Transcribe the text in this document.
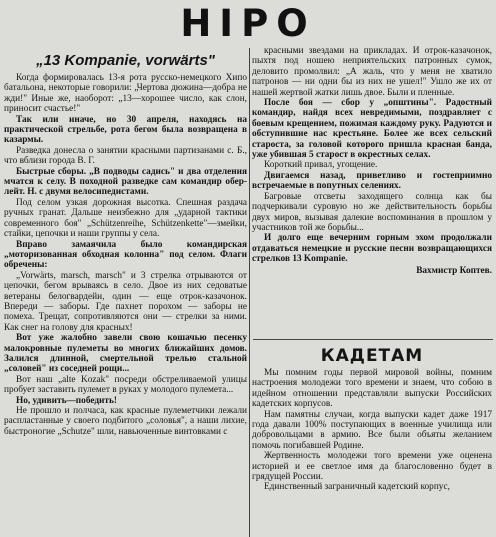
НІРО
„13 Kompanie, vorwärts"

Когда формировалась 13-я рота русско-немецкого Хипо батальона, некоторые говорили: „Чертова дюжина—добра не жди!" Иные же, наоборот: „13—хорошее число, как слон, приносит счастье!"

Так или иначе, но 30 апреля, находясь на практической стрельбе, рота бегом была возвращена в казармы.

Разведка донесла о занятии красными партизанами с. Б., что вблизи города В. Г.

Быстрые сборы. „В подводы садись" и два отделения мчатся к селу. В походной разведке сам командир обер-лейт. Н. с двумя велосипедистами.

Под селом узкая дорожная высотка. Спешная раздача ручных гранат. Дальше неизбежно для „ударной тактики современного боя" „Schützenreihe, Schützenkette"—змейки, стайки, цепочки и наши группы у села.

Вправо замаячила было командирская „моторизованная обходная колонна" под селом. Флаги обречены:

„Vorwärts, marsch, marsch" и 3 стрелка отрываются от цепочки, бегом врываясь в село. Двое из них седоватые ветераны белогвардейи, один — еще отрок-казачонок. Впереди — заборы. Где пахнет порохом — заборы не помеха. Трещат, сопротивляются они — стрелки за ними. Как снег на голову для красных!

Вот уже жалобно завели свою кошачью песенку малокровные пулеметы во многих ближайших домов. Залился длинной, смертельной трелью стальной „соловей" из соседней рощи...

Вот наш „alte Kozak" посреди обстреливаемой улицы пробует заставить пулемет в руках у молодого пулемета...

Но, удивить—победить!

Не прошло и полчаса, как красные пулеметчики лежали распластанные у своего подбитого „соловья", а наши лихие, быстроногие „Schutze" шли, навьюченные винтовками с

красными звездами на прикладах. И отрок-казачонок, пыхтя под ношею неприятельских патронных сумок, деловито промолвил: „А жаль, что у меня не хватило патронов — ни одни бы из них не ушел!" Ушло же их от нашей жертвой жатки лишь двое. Были и пленные.

После боя — сбор у „општины". Радостный командир, найдя всех невредимыми, поздравляет с боевым крещением, пожимая каждому руку. Радуются и обступившие нас крестьяне. Более же всех сельский староста, за головой которого пришла красная банда, уже убившая 5 старост в окрестных селах.

Короткий привал, угощение.

Двигаемся назад, приветливо и гостеприимно встречаемые в попутных селениях.

Багровые отсветы заходящего солнца как бы подчеркивали суровую но же действительность борьбы двух миров, вызывая далекие воспоминания в прошлом у участников той же борьбы...

И долго еще вечерним горным эхом продолжали отдаваться немецкие и русские песни возвращающихся стрелков 13 Kompanie.

Вахмистр Коптев.

КАДЕТАМ

Мы помним годы первой мировой войны, помним настроения молодежи того времени и знаем, что собою в идейном отношении представляли выпуски Российских кадетских корпусов.

Нам памятны случаи, когда выпуски кадет даже 1917 года давали 100% поступающих в военные училища или добровольцами в армию. Все были объяты желанием помочь погибавшей Родине.

Жертвенность молодежи того времени уже оценена историей и ее светлое имя да благословенно будет в грядущей России.

Единственный заграничный кадетский корпус,
